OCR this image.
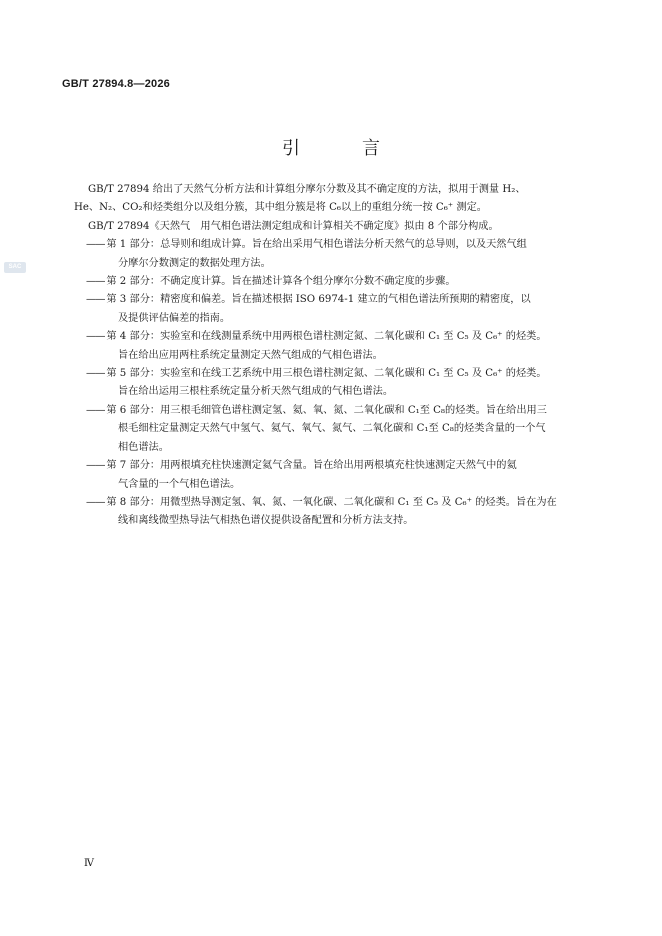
GB/T 27894.8—2026
引　言
SAC

GB/T 27894 给出了天然气分析方法和计算组分摩尔分数及其不确定度的方法，拟用于测量 H₂、

He、N₂、CO₂和烃类组分以及组分簇，其中组分簇是将 C₆以上的重组分统一按 C₆⁺ 测定。

GB/T 27894《天然气　用气相色谱法测定组成和计算相关不确定度》拟由 8 个部分构成。

—— 第 1 部分：总导则和组成计算。旨在给出采用气相色谱法分析天然气的总导则，以及天然气组
分摩尔分数测定的数据处理方法。
—— 第 2 部分：不确定度计算。旨在描述计算各个组分摩尔分数不确定度的步骤。
—— 第 3 部分：精密度和偏差。旨在描述根据 ISO 6974-1 建立的气相色谱法所预期的精密度，以
及提供评估偏差的指南。
—— 第 4 部分：实验室和在线测量系统中用两根色谱柱测定氮、二氧化碳和 C₁ 至 C₅ 及 C₆⁺ 的烃类。
旨在给出应用两柱系统定量测定天然气组成的气相色谱法。
—— 第 5 部分：实验室和在线工艺系统中用三根色谱柱测定氮、二氧化碳和 C₁ 至 C₅ 及 C₆⁺ 的烃类。
旨在给出运用三根柱系统定量分析天然气组成的气相色谱法。
—— 第 6 部分：用三根毛细管色谱柱测定氢、氦、氧、氮、二氧化碳和 C₁至 C₈的烃类。旨在给出用三
根毛细柱定量测定天然气中氢气、氦气、氧气、氮气、二氧化碳和 C₁至 C₈的烃类含量的一个气
相色谱法。
—— 第 7 部分：用两根填充柱快速测定氦气含量。旨在给出用两根填充柱快速测定天然气中的氦
气含量的一个气相色谱法。
—— 第 8 部分：用微型热导测定氢、氧、氮、一氧化碳、二氧化碳和 C₁ 至 C₅ 及 C₆⁺ 的烃类。旨在为在
线和离线微型热导法气相热色谱仪提供设备配置和分析方法支持。
Ⅳ
